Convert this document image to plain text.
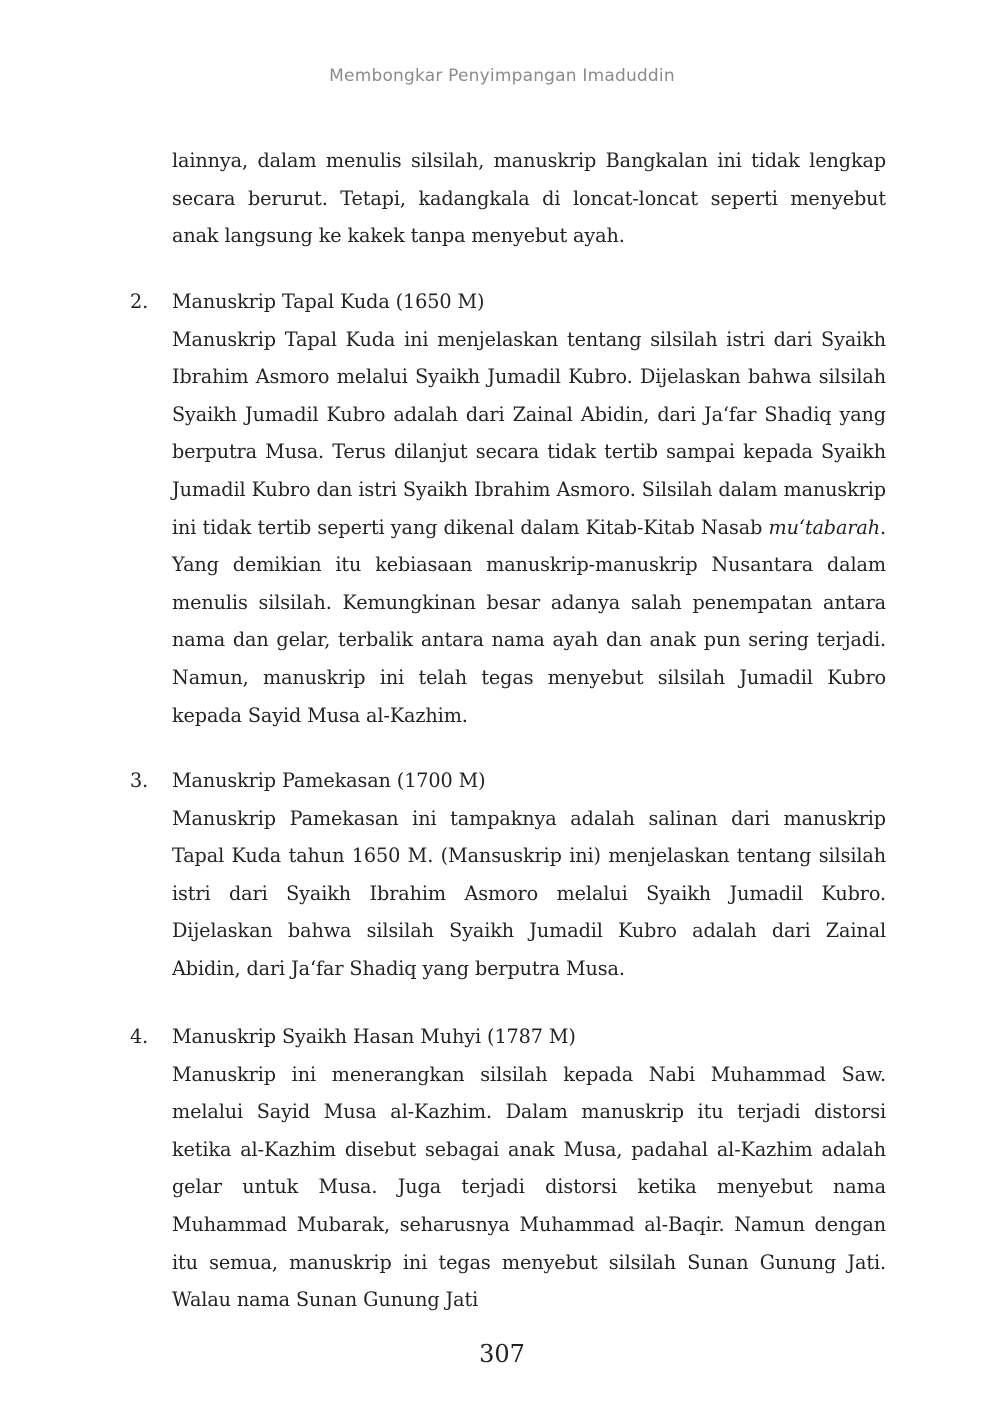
Membongkar Penyimpangan Imaduddin

lainnya, dalam menulis silsilah, manuskrip Bangkalan ini tidak lengkap secara berurut. Tetapi, kadangkala di loncat-loncat seperti menyebut anak langsung ke kakek tanpa menyebut ayah.

2. Manuskrip Tapal Kuda (1650 M)

Manuskrip Tapal Kuda ini menjelaskan tentang silsilah istri dari Syaikh Ibrahim Asmoro melalui Syaikh Jumadil Kubro. Dijelaskan bahwa silsilah Syaikh Jumadil Kubro adalah dari Zainal Abidin, dari Ja‘far Shadiq yang berputra Musa. Terus dilanjut secara tidak tertib sampai kepada Syaikh Jumadil Kubro dan istri Syaikh Ibrahim Asmoro. Silsilah dalam manuskrip ini tidak tertib seperti yang dikenal dalam Kitab-Kitab Nasab mu‘tabarah. Yang demikian itu kebiasaan manuskrip-manuskrip Nusantara dalam menulis silsilah. Kemungkinan besar adanya salah penempatan antara nama dan gelar, terbalik antara nama ayah dan anak pun sering terjadi. Namun, manuskrip ini telah tegas menyebut silsilah Jumadil Kubro kepada Sayid Musa al-Kazhim.

3. Manuskrip Pamekasan (1700 M)

Manuskrip Pamekasan ini tampaknya adalah salinan dari manuskrip Tapal Kuda tahun 1650 M. (Mansuskrip ini) menjelaskan tentang silsilah istri dari Syaikh Ibrahim Asmoro melalui Syaikh Jumadil Kubro. Dijelaskan bahwa silsilah Syaikh Jumadil Kubro adalah dari Zainal Abidin, dari Ja‘far Shadiq yang berputra Musa.

4. Manuskrip Syaikh Hasan Muhyi (1787 M)

Manuskrip ini menerangkan silsilah kepada Nabi Muhammad Saw. melalui Sayid Musa al-Kazhim. Dalam manuskrip itu terjadi distorsi ketika al-Kazhim disebut sebagai anak Musa, padahal al-Kazhim adalah gelar untuk Musa. Juga terjadi distorsi ketika menyebut nama Muhammad Mubarak, seharusnya Muhammad al-Baqir. Namun dengan itu semua, manuskrip ini tegas menyebut silsilah Sunan Gunung Jati. Walau nama Sunan Gunung Jati

307
